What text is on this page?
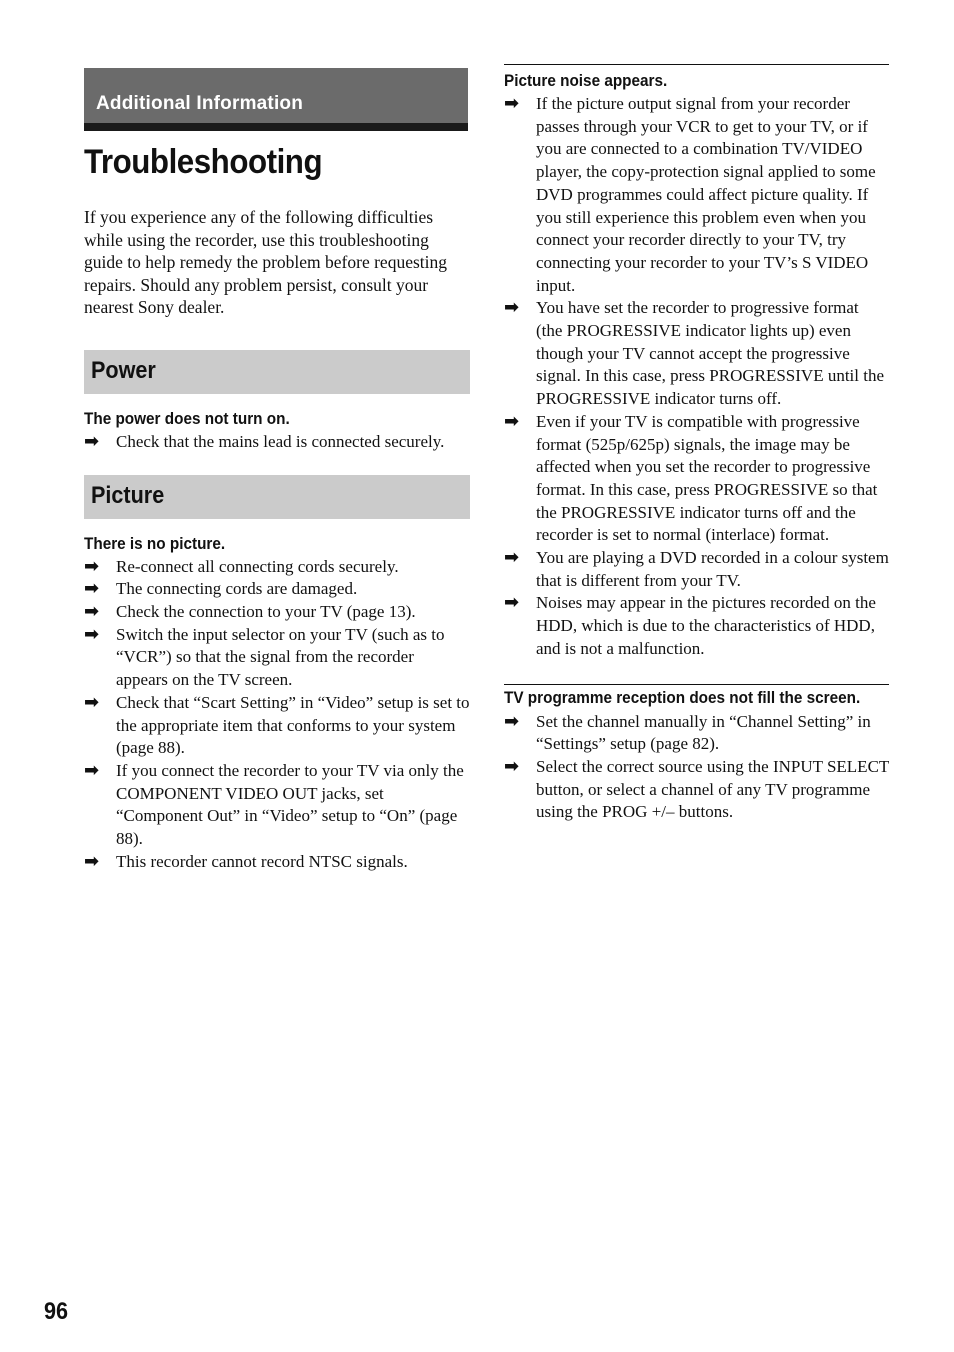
Additional Information
Troubleshooting

If you experience any of the following difficulties while using the recorder, use this troubleshooting guide to help remedy the problem before requesting repairs. Should any problem persist, consult your nearest Sony dealer.

Power
The power does not turn on.
➡ Check that the mains lead is connected securely.
Picture
There is no picture.
➡ Re-connect all connecting cords securely.
➡ The connecting cords are damaged.
➡ Check the connection to your TV (page 13).
➡ Switch the input selector on your TV (such as to “VCR”) so that the signal from the recorder appears on the TV screen.
➡ Check that “Scart Setting” in “Video” setup is set to the appropriate item that conforms to your system (page 88).
➡ If you connect the recorder to your TV via only the COMPONENT VIDEO OUT jacks, set “Component Out” in “Video” setup to “On” (page 88).
➡ This recorder cannot record NTSC signals.
Picture noise appears.
➡ If the picture output signal from your recorder passes through your VCR to get to your TV, or if you are connected to a combination TV/VIDEO player, the copy-protection signal applied to some DVD programmes could affect picture quality. If you still experience this problem even when you connect your recorder directly to your TV, try connecting your recorder to your TV’s S VIDEO input.
➡ You have set the recorder to progressive format (the PROGRESSIVE indicator lights up) even though your TV cannot accept the progressive signal. In this case, press PROGRESSIVE until the PROGRESSIVE indicator turns off.
➡ Even if your TV is compatible with progressive format (525p/625p) signals, the image may be affected when you set the recorder to progressive format. In this case, press PROGRESSIVE so that the PROGRESSIVE indicator turns off and the recorder is set to normal (interlace) format.
➡ You are playing a DVD recorded in a colour system that is different from your TV.
➡ Noises may appear in the pictures recorded on the HDD, which is due to the characteristics of HDD, and is not a malfunction.
TV programme reception does not fill the screen.
➡ Set the channel manually in “Channel Setting” in “Settings” setup (page 82).
➡ Select the correct source using the INPUT SELECT button, or select a channel of any TV programme using the PROG +/– buttons.
96
